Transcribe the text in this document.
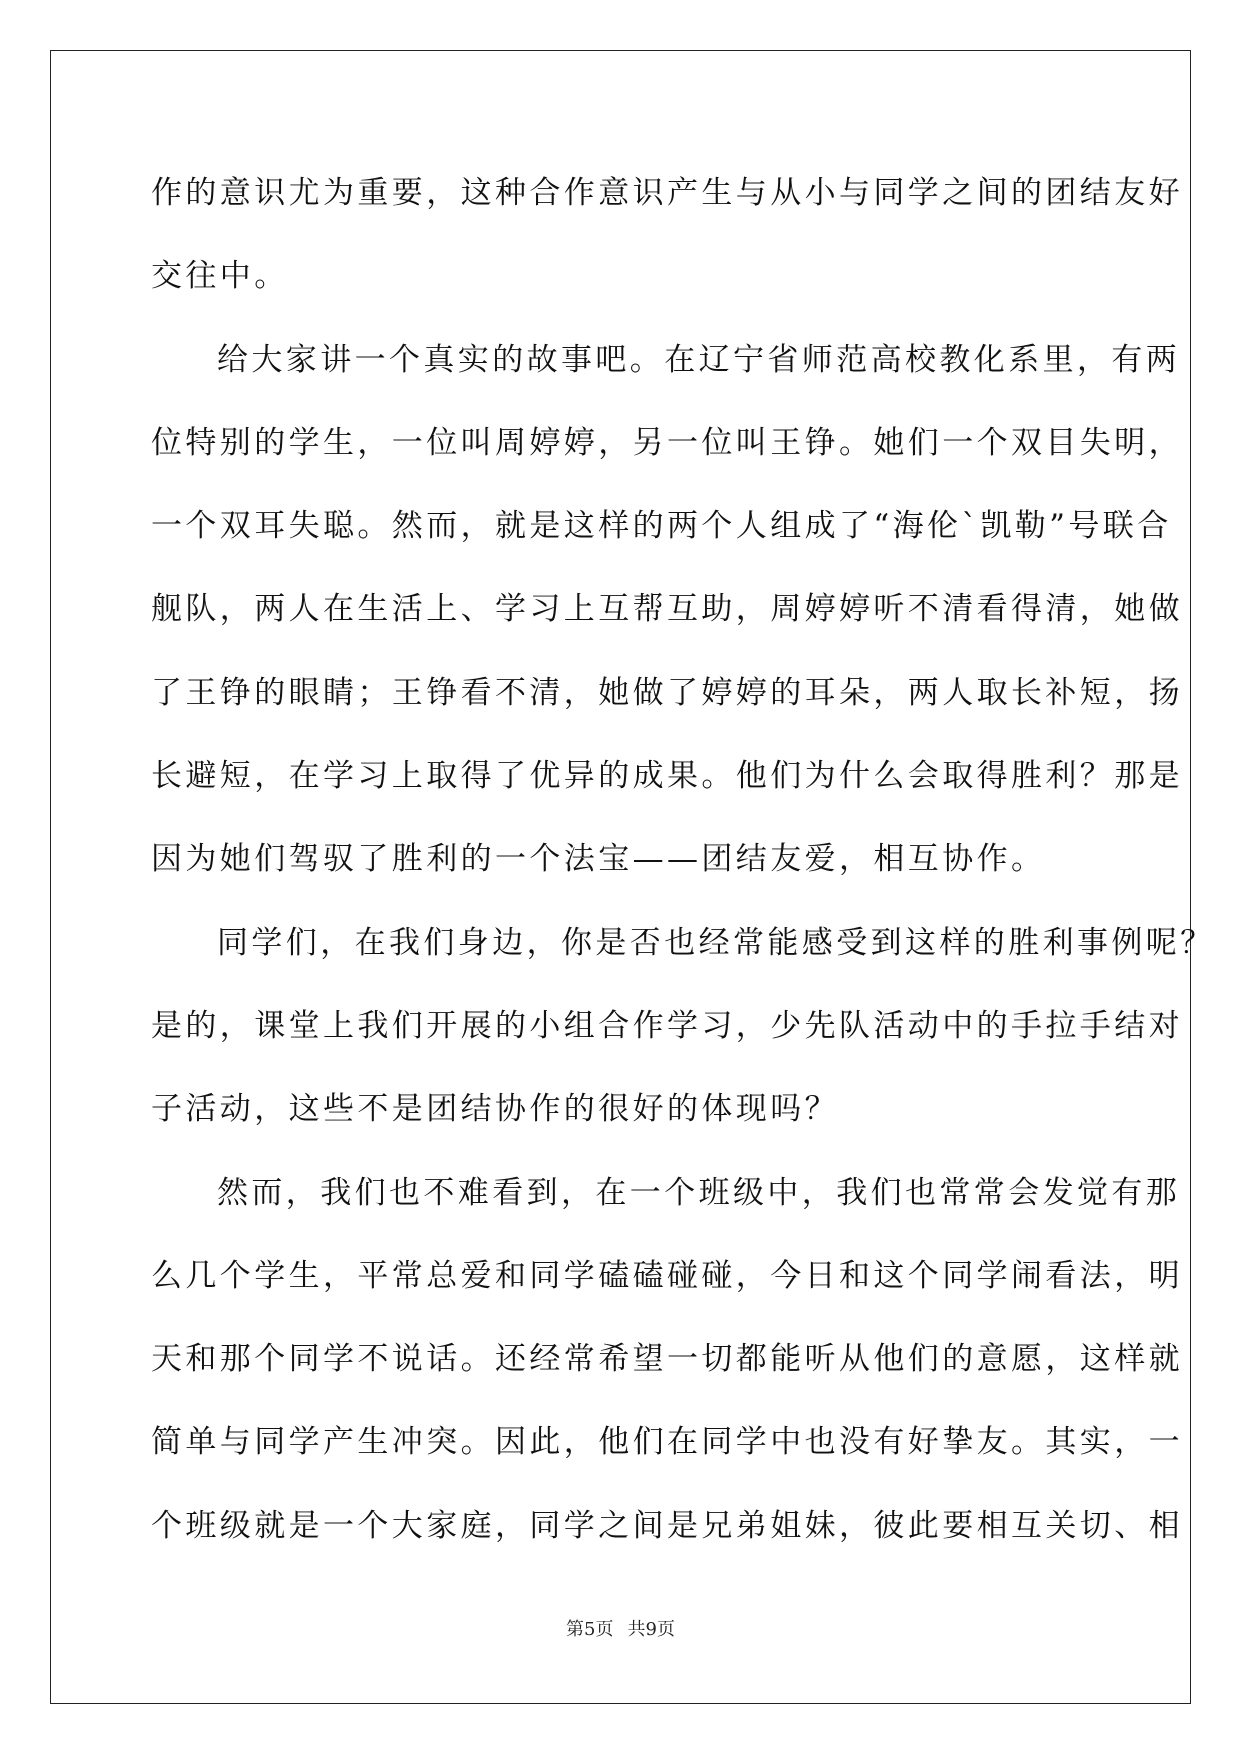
作的意识尤为重要，这种合作意识产生与从小与同学之间的团结友好
交往中。
给大家讲一个真实的故事吧。在辽宁省师范高校教化系里，有两
位特别的学生，一位叫周婷婷，另一位叫王铮。她们一个双目失明，
一个双耳失聪。然而，就是这样的两个人组成了“海伦`凯勒”号联合
舰队，两人在生活上、学习上互帮互助，周婷婷听不清看得清，她做
了王铮的眼睛；王铮看不清，她做了婷婷的耳朵，两人取长补短，扬
长避短，在学习上取得了优异的成果。他们为什么会取得胜利？那是
因为她们驾驭了胜利的一个法宝——团结友爱，相互协作。
同学们，在我们身边，你是否也经常能感受到这样的胜利事例呢？
是的，课堂上我们开展的小组合作学习，少先队活动中的手拉手结对
子活动，这些不是团结协作的很好的体现吗？
然而，我们也不难看到，在一个班级中，我们也常常会发觉有那
么几个学生，平常总爱和同学磕磕碰碰，今日和这个同学闹看法，明
天和那个同学不说话。还经常希望一切都能听从他们的意愿，这样就
简单与同学产生冲突。因此，他们在同学中也没有好挚友。其实，一
个班级就是一个大家庭，同学之间是兄弟姐妹，彼此要相互关切、相
第5页 共9页
